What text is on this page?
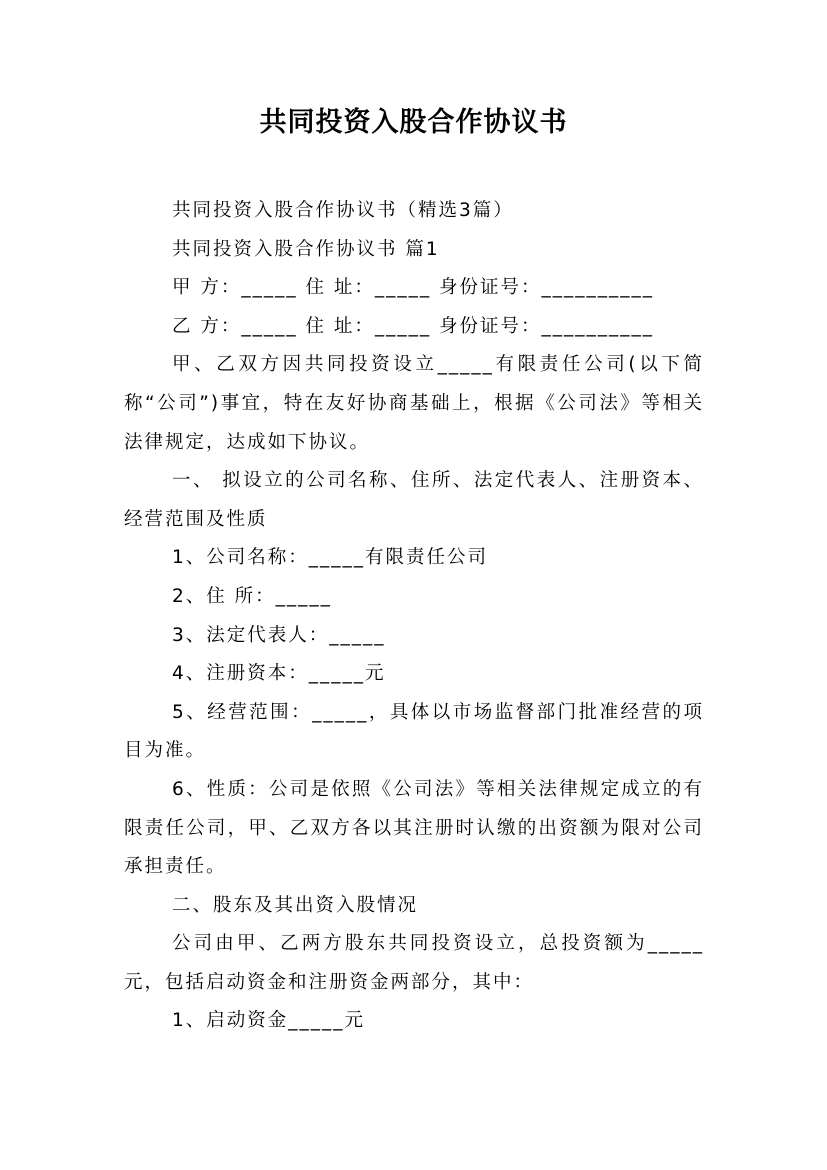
共同投资入股合作协议书

共同投资入股合作协议书（精选3篇）

共同投资入股合作协议书 篇1

甲 方：_____ 住 址：_____ 身份证号：__________

乙 方：_____ 住 址：_____ 身份证号：__________

甲、乙双方因共同投资设立_____有限责任公司(以下简称“公司”)事宜，特在友好协商基础上，根据《公司法》等相关法律规定，达成如下协议。

一、 拟设立的公司名称、住所、法定代表人、注册资本、经营范围及性质

1、公司名称：_____有限责任公司

2、住 所：_____

3、法定代表人：_____

4、注册资本：_____元

5、经营范围：_____，具体以市场监督部门批准经营的项目为准。

6、性质：公司是依照《公司法》等相关法律规定成立的有限责任公司，甲、乙双方各以其注册时认缴的出资额为限对公司承担责任。

二、股东及其出资入股情况

公司由甲、乙两方股东共同投资设立，总投资额为_____元，包括启动资金和注册资金两部分，其中：

1、启动资金_____元
